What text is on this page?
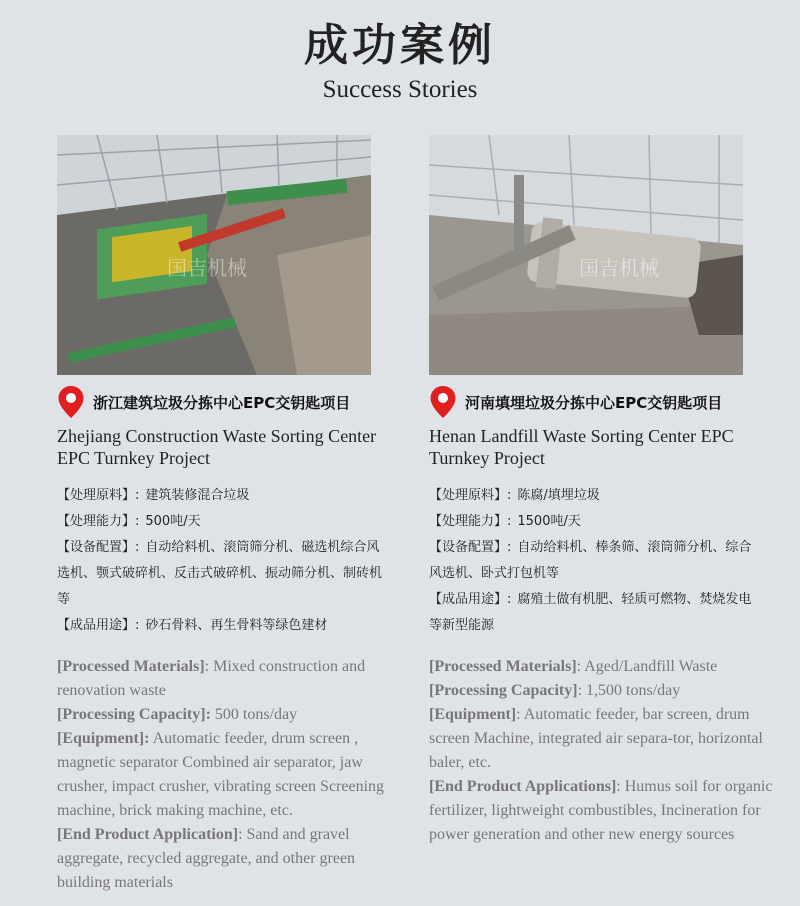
成功案例
Success Stories
国吉机械
浙江建筑垃圾分拣中心EPC交钥匙项目
Zhejiang Construction Waste Sorting Center EPC Turnkey Project

【处理原料】: 建筑装修混合垃圾

【处理能力】: 500吨/天

【设备配置】: 自动给料机、滚筒筛分机、磁选机综合风选机、颚式破碎机、反击式破碎机、振动筛分机、制砖机等

【成品用途】: 砂石骨料、再生骨料等绿色建材

[Processed Materials]: Mixed construction and renovation waste

[Processing Capacity]: 500 tons/day

[Equipment]: Automatic feeder, drum screen , magnetic separator Combined air separator, jaw crusher, impact crusher, vibrating screen Screening machine, brick making machine, etc.

[End Product Application]: Sand and gravel aggregate, recycled aggregate, and other green building materials

国吉机械
河南填埋垃圾分拣中心EPC交钥匙项目
Henan Landfill Waste Sorting Center EPC Turnkey Project

【处理原料】: 陈腐/填埋垃圾

【处理能力】: 1500吨/天

【设备配置】: 自动给料机、棒条筛、滚筒筛分机、综合风选机、卧式打包机等

【成品用途】: 腐殖土做有机肥、轻质可燃物、焚烧发电等新型能源

[Processed Materials]: Aged/Landfill Waste

[Processing Capacity]: 1,500 tons/day

[Equipment]: Automatic feeder, bar screen, drum screen Machine, integrated air separa-tor, horizontal baler, etc.

[End Product Applications]: Humus soil for organic fertilizer, lightweight combustibles, Incineration for power generation and other new energy sources
